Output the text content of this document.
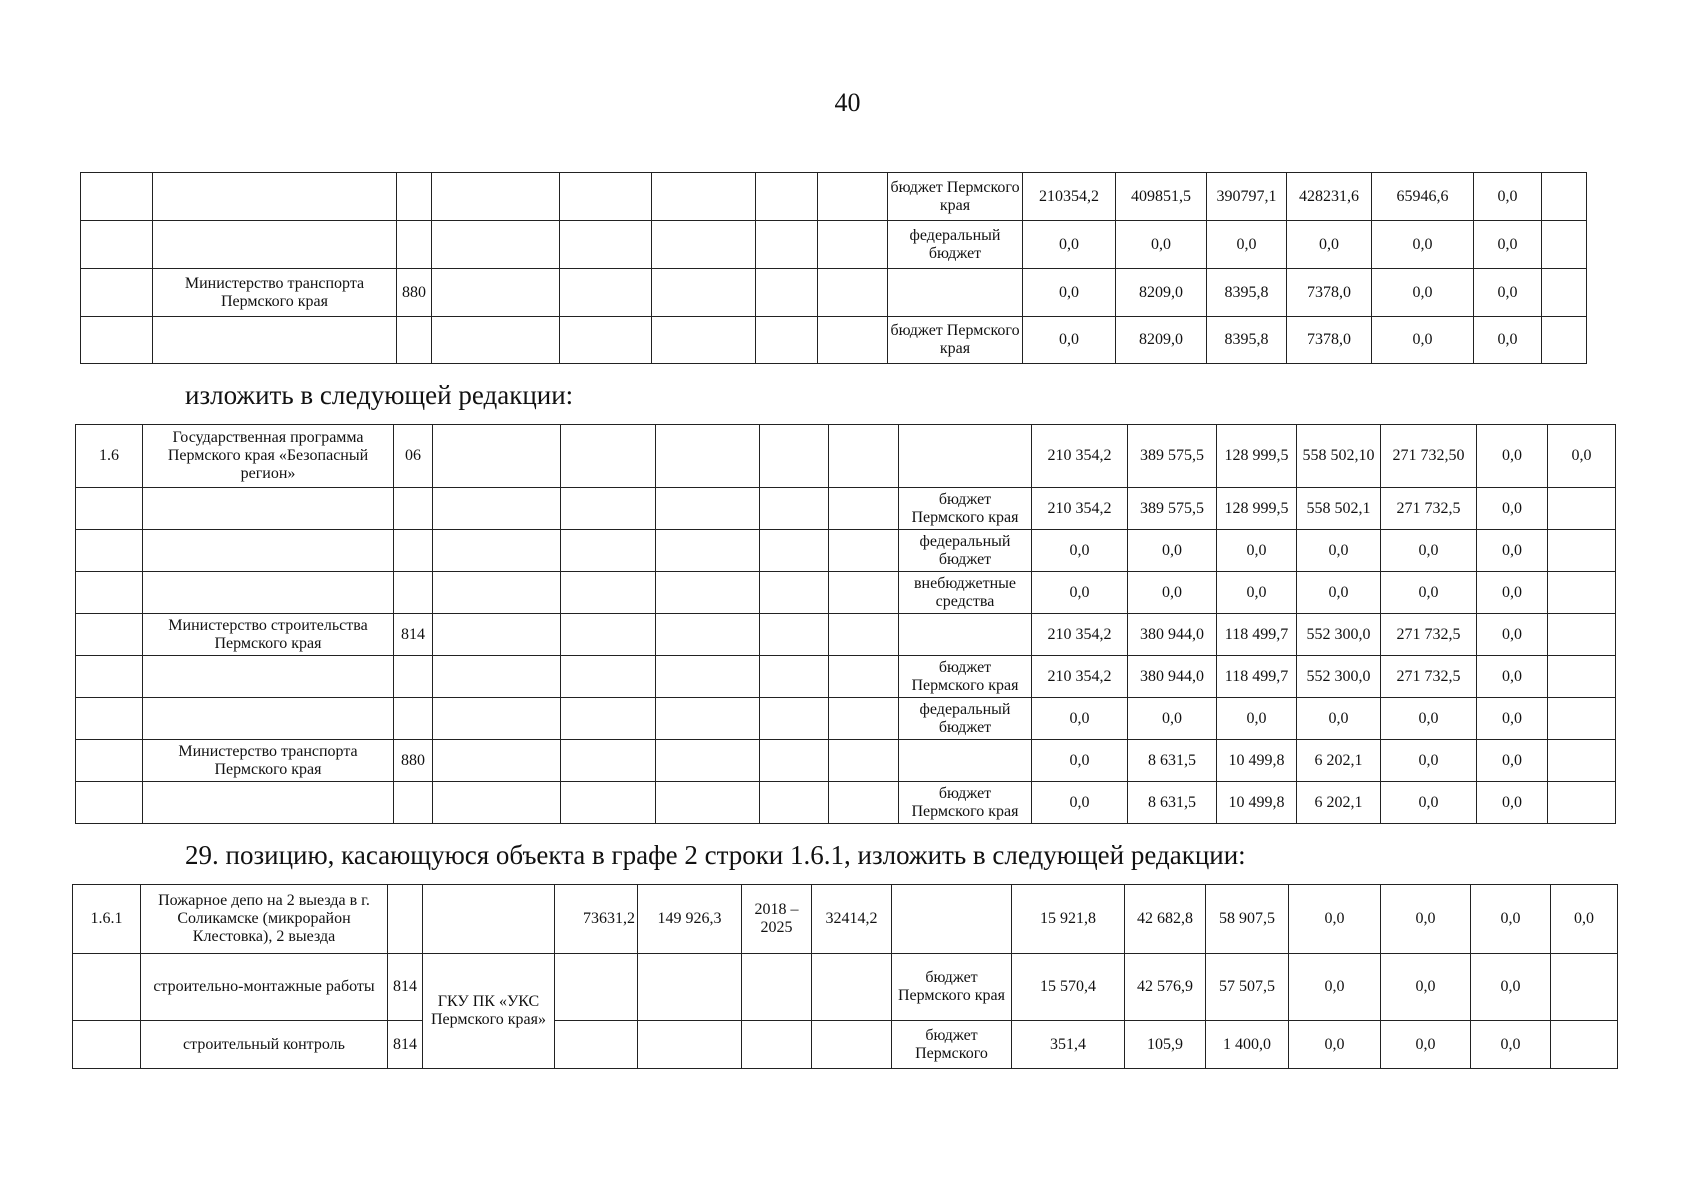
40
								бюджет Пермского края	210354,2	409851,5	390797,1	428231,6	65946,6	0,0	
								федеральный бюджет	0,0	0,0	0,0	0,0	0,0	0,0	
	Министерство транспорта Пермского края	880							0,0	8209,0	8395,8	7378,0	0,0	0,0	
								бюджет Пермского края	0,0	8209,0	8395,8	7378,0	0,0	0,0	
изложить в следующей редакции:
1.6	Государственная программа Пермского края «Безопасный регион»	06							210 354,2	389 575,5	128 999,5	558 502,10	271 732,50	0,0	0,0
								бюджет Пермского края	210 354,2	389 575,5	128 999,5	558 502,1	271 732,5	0,0	
								федеральный бюджет	0,0	0,0	0,0	0,0	0,0	0,0	
								внебюджетные средства	0,0	0,0	0,0	0,0	0,0	0,0	
	Министерство строительства Пермского края	814							210 354,2	380 944,0	118 499,7	552 300,0	271 732,5	0,0	
								бюджет Пермского края	210 354,2	380 944,0	118 499,7	552 300,0	271 732,5	0,0	
								федеральный бюджет	0,0	0,0	0,0	0,0	0,0	0,0	
	Министерство транспорта Пермского края	880							0,0	8 631,5	10 499,8	6 202,1	0,0	0,0	
								бюджет Пермского края	0,0	8 631,5	10 499,8	6 202,1	0,0	0,0	
29. позицию, касающуюся объекта в графе 2 строки 1.6.1, изложить в следующей редакции:
1.6.1	Пожарное депо на 2 выезда в г. Соликамске (микрорайон Клестовка), 2 выезда			73631,2	149 926,3	2018 – 2025	32414,2		15 921,8	42 682,8	58 907,5	0,0	0,0	0,0	0,0
	строительно-монтажные работы	814	ГКУ ПК «УКС Пермского края»					бюджет Пермского края	15 570,4	42 576,9	57 507,5	0,0	0,0	0,0	
	строительный контроль	814						бюджет Пермского	351,4	105,9	1 400,0	0,0	0,0	0,0	
